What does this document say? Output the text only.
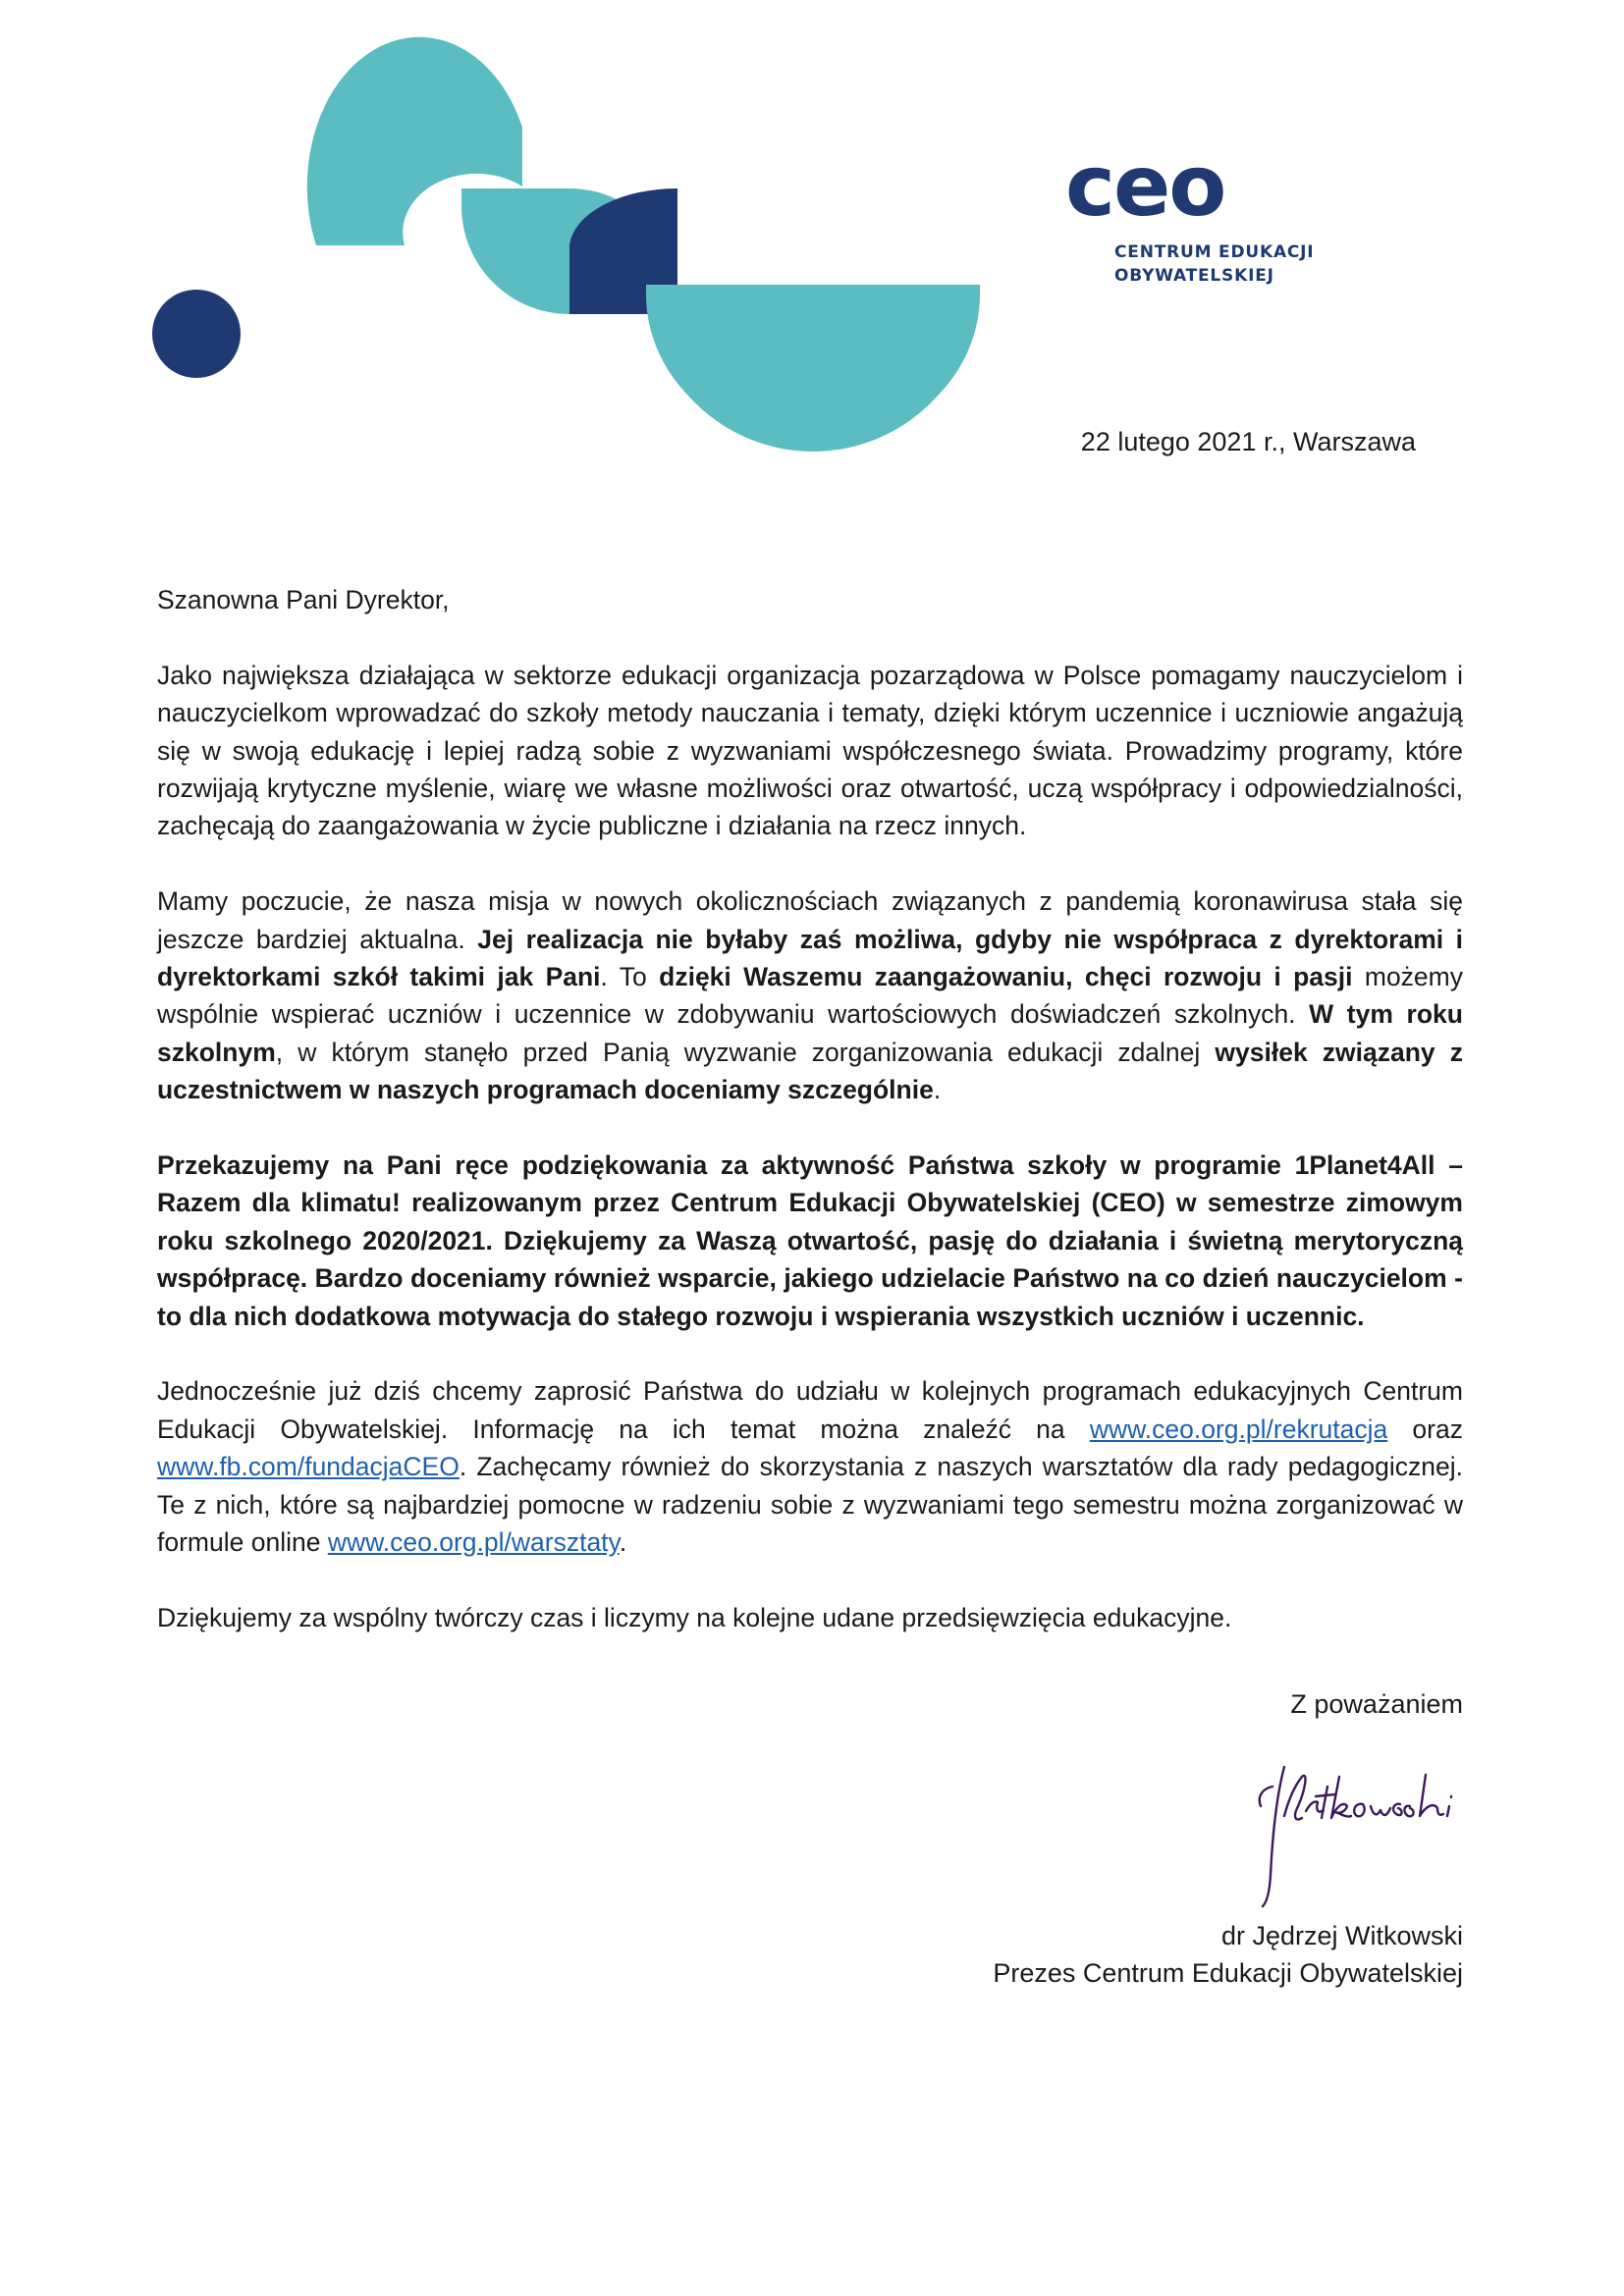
ceo
CENTRUM EDUKACJI
OBYWATELSKIEJ
22 lutego 2021 r., Warszawa

Szanowna Pani Dyrektor,

Jako największa działająca w sektorze edukacji organizacja pozarządowa w Polsce pomagamy nauczycielom i nauczycielkom wprowadzać do szkoły metody nauczania i tematy, dzięki którym uczennice i uczniowie angażują się w swoją edukację i lepiej radzą sobie z wyzwaniami współczesnego świata. Prowadzimy programy, które rozwijają krytyczne myślenie, wiarę we własne możliwości oraz otwartość, uczą współpracy i odpowiedzialności, zachęcają do zaangażowania w życie publiczne i działania na rzecz innych.

Mamy poczucie, że nasza misja w nowych okolicznościach związanych z pandemią koronawirusa stała się jeszcze bardziej aktualna. Jej realizacja nie byłaby zaś możliwa, gdyby nie współpraca z dyrektorami i dyrektorkami szkół takimi jak Pani. To dzięki Waszemu zaangażowaniu, chęci rozwoju i pasji możemy wspólnie wspierać uczniów i uczennice w zdobywaniu wartościowych doświadczeń szkolnych. W tym roku szkolnym, w którym stanęło przed Panią wyzwanie zorganizowania edukacji zdalnej wysiłek związany z uczestnictwem w naszych programach doceniamy szczególnie.

Przekazujemy na Pani ręce podziękowania za aktywność Państwa szkoły w programie 1Planet4All – Razem dla klimatu! realizowanym przez Centrum Edukacji Obywatelskiej (CEO) w semestrze zimowym roku szkolnego 2020/2021. Dziękujemy za Waszą otwartość, pasję do działania i świetną merytoryczną współpracę. Bardzo doceniamy również wsparcie, jakiego udzielacie Państwo na co dzień nauczycielom - to dla nich dodatkowa motywacja do stałego rozwoju i wspierania wszystkich uczniów i uczennic.

Jednocześnie już dziś chcemy zaprosić Państwa do udziału w kolejnych programach edukacyjnych Centrum Edukacji Obywatelskiej. Informację na ich temat można znaleźć na www.ceo.org.pl/rekrutacja oraz www.fb.com/fundacjaCEO. Zachęcamy również do skorzystania z naszych warsztatów dla rady pedagogicznej. Te z nich, które są najbardziej pomocne w radzeniu sobie z wyzwaniami tego semestru można zorganizować w formule online www.ceo.org.pl/warsztaty.

Dziękujemy za wspólny twórczy czas i liczymy na kolejne udane przedsięwzięcia edukacyjne.

Z poważaniem
JWitkowski
dr Jędrzej Witkowski
Prezes Centrum Edukacji Obywatelskiej
